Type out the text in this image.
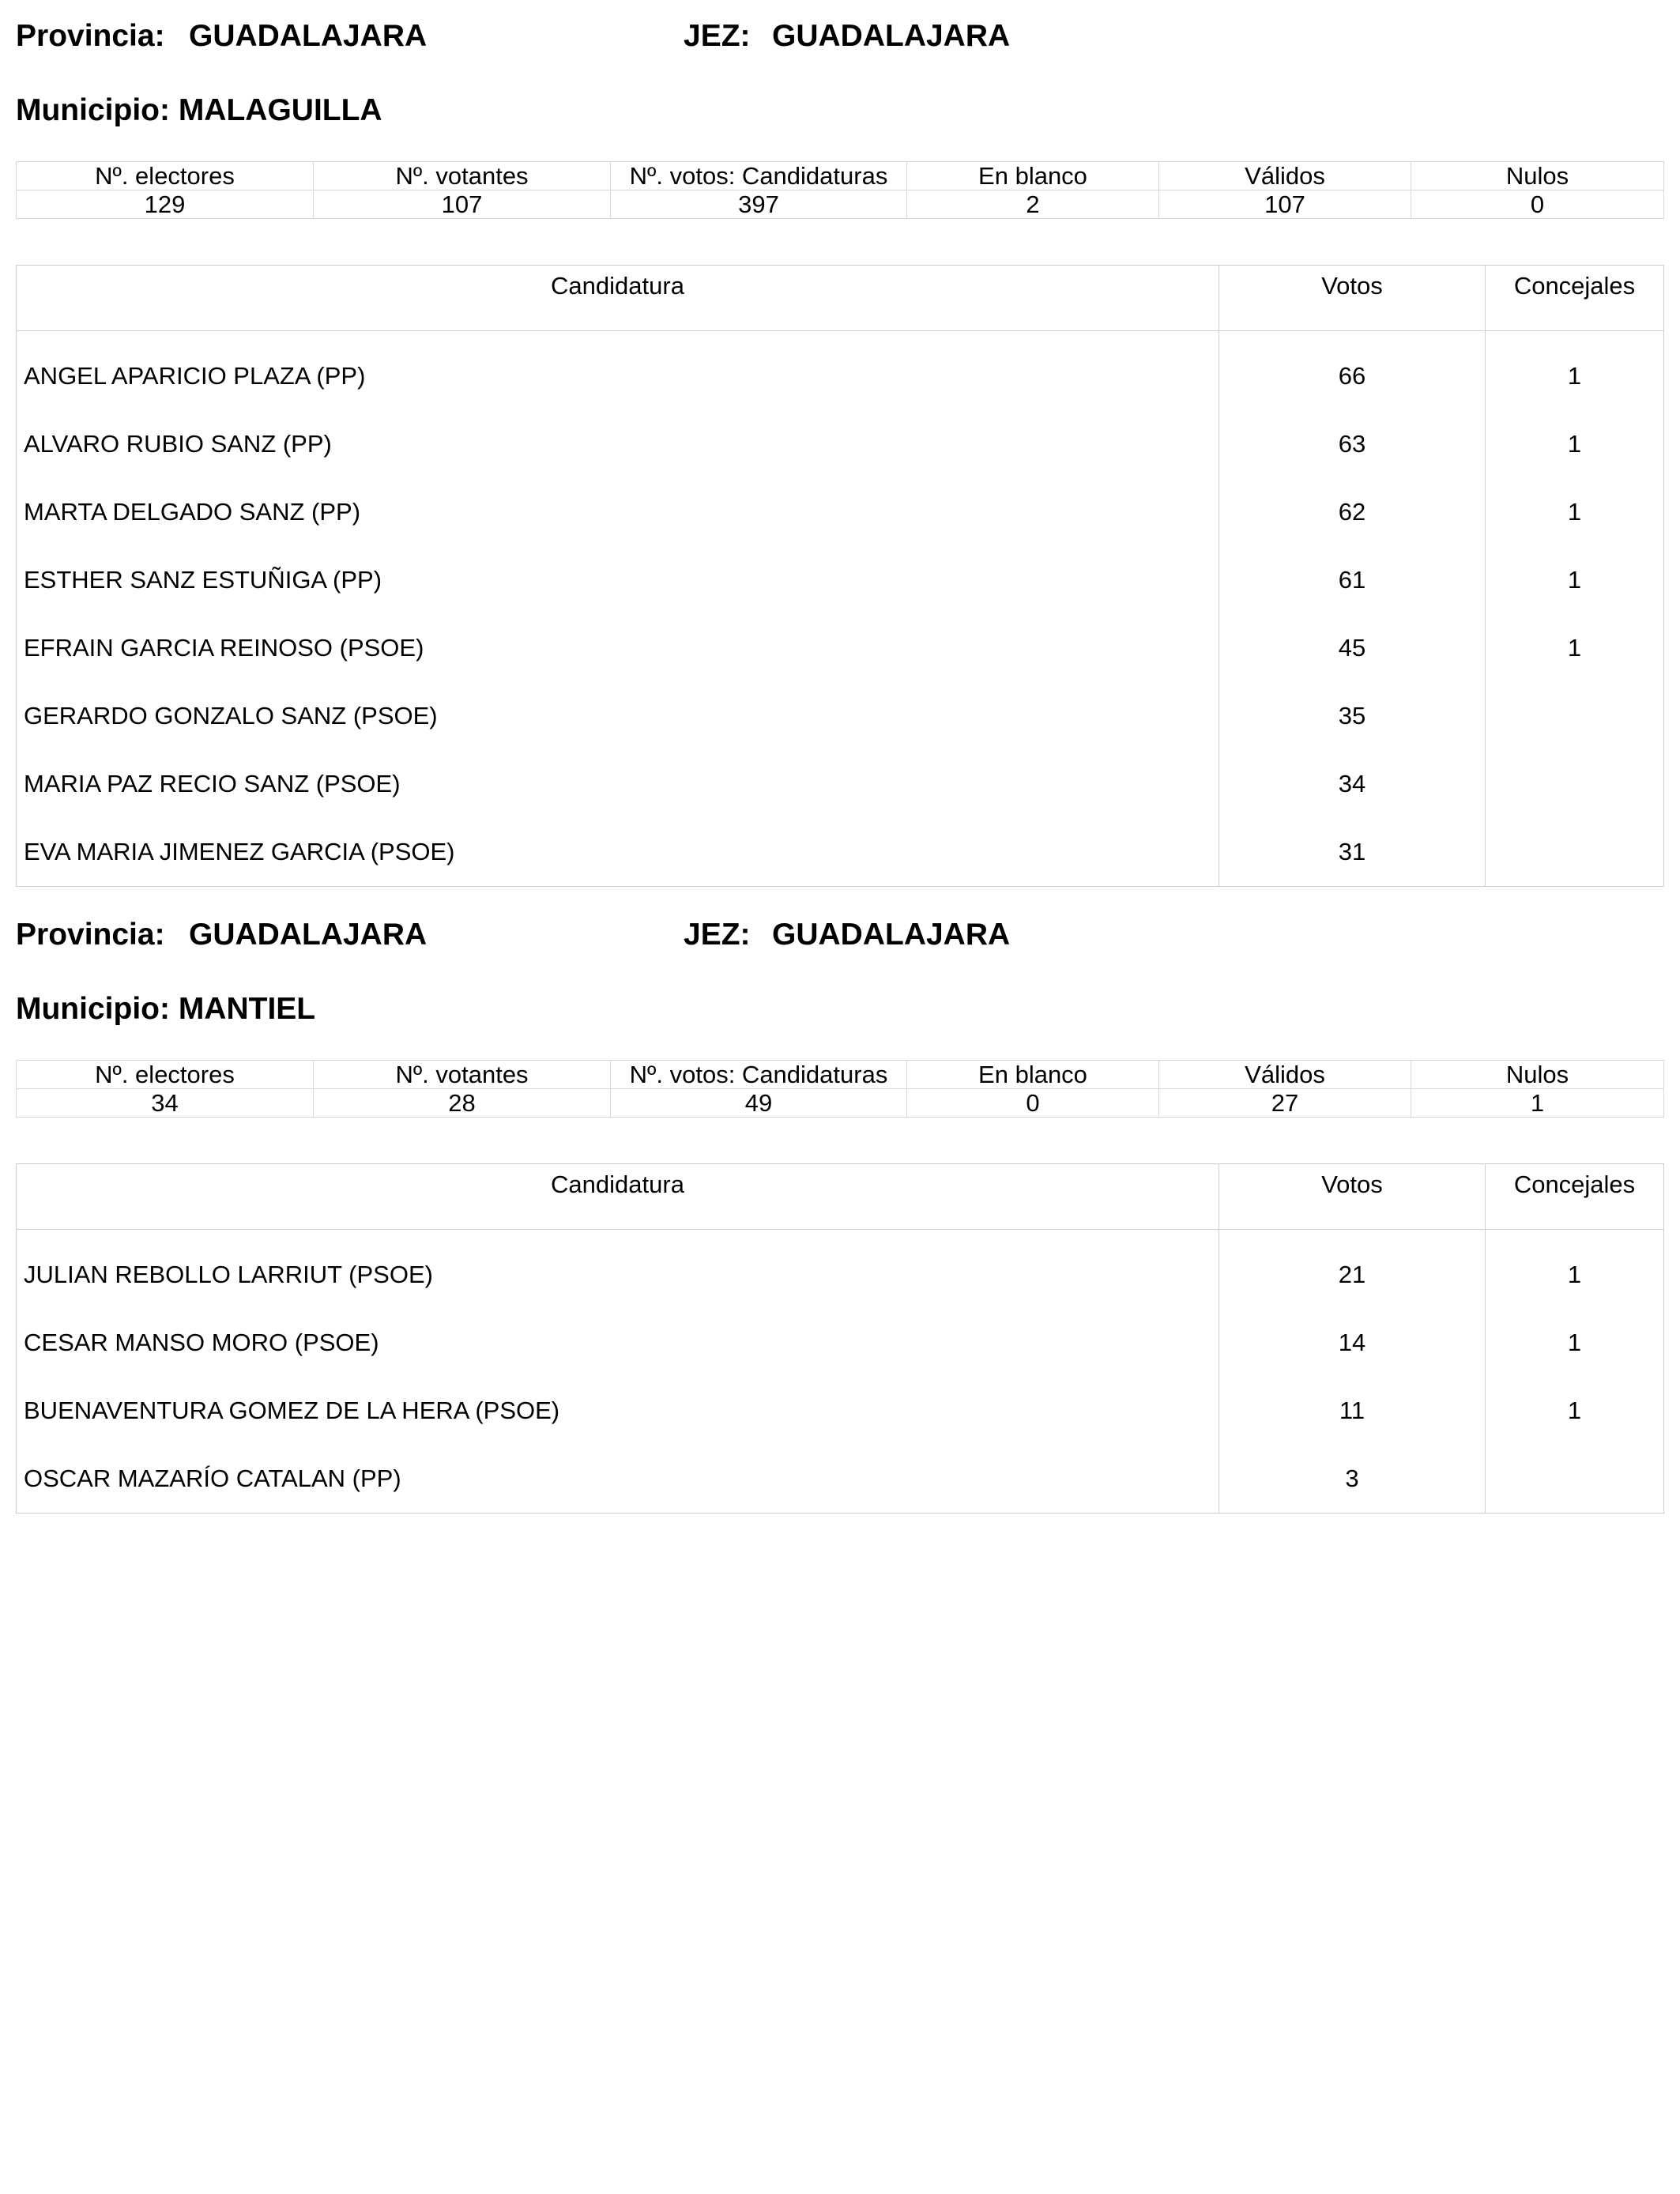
Provincia: GUADALAJARA	JEZ: GUADALAJARA
Municipio: MALAGUILLA
Nº. electores	Nº. votantes	Nº. votos: Candidaturas	En blanco	Válidos	Nulos
129	107	397	2	107	0
Candidatura	Votos	Concejales
ANGEL APARICIO PLAZA (PP)	66	1
ALVARO RUBIO SANZ (PP)	63	1
MARTA DELGADO SANZ (PP)	62	1
ESTHER SANZ ESTUÑIGA (PP)	61	1
EFRAIN GARCIA REINOSO (PSOE)	45	1
GERARDO GONZALO SANZ (PSOE)	35	
MARIA PAZ RECIO SANZ (PSOE)	34	
EVA MARIA JIMENEZ GARCIA (PSOE)	31	
Provincia: GUADALAJARA	JEZ: GUADALAJARA
Municipio: MANTIEL
Nº. electores	Nº. votantes	Nº. votos: Candidaturas	En blanco	Válidos	Nulos
34	28	49	0	27	1
Candidatura	Votos	Concejales
JULIAN REBOLLO LARRIUT (PSOE)	21	1
CESAR MANSO MORO (PSOE)	14	1
BUENAVENTURA GOMEZ DE LA HERA (PSOE)	11	1
OSCAR MAZARÍO CATALAN (PP)	3	
